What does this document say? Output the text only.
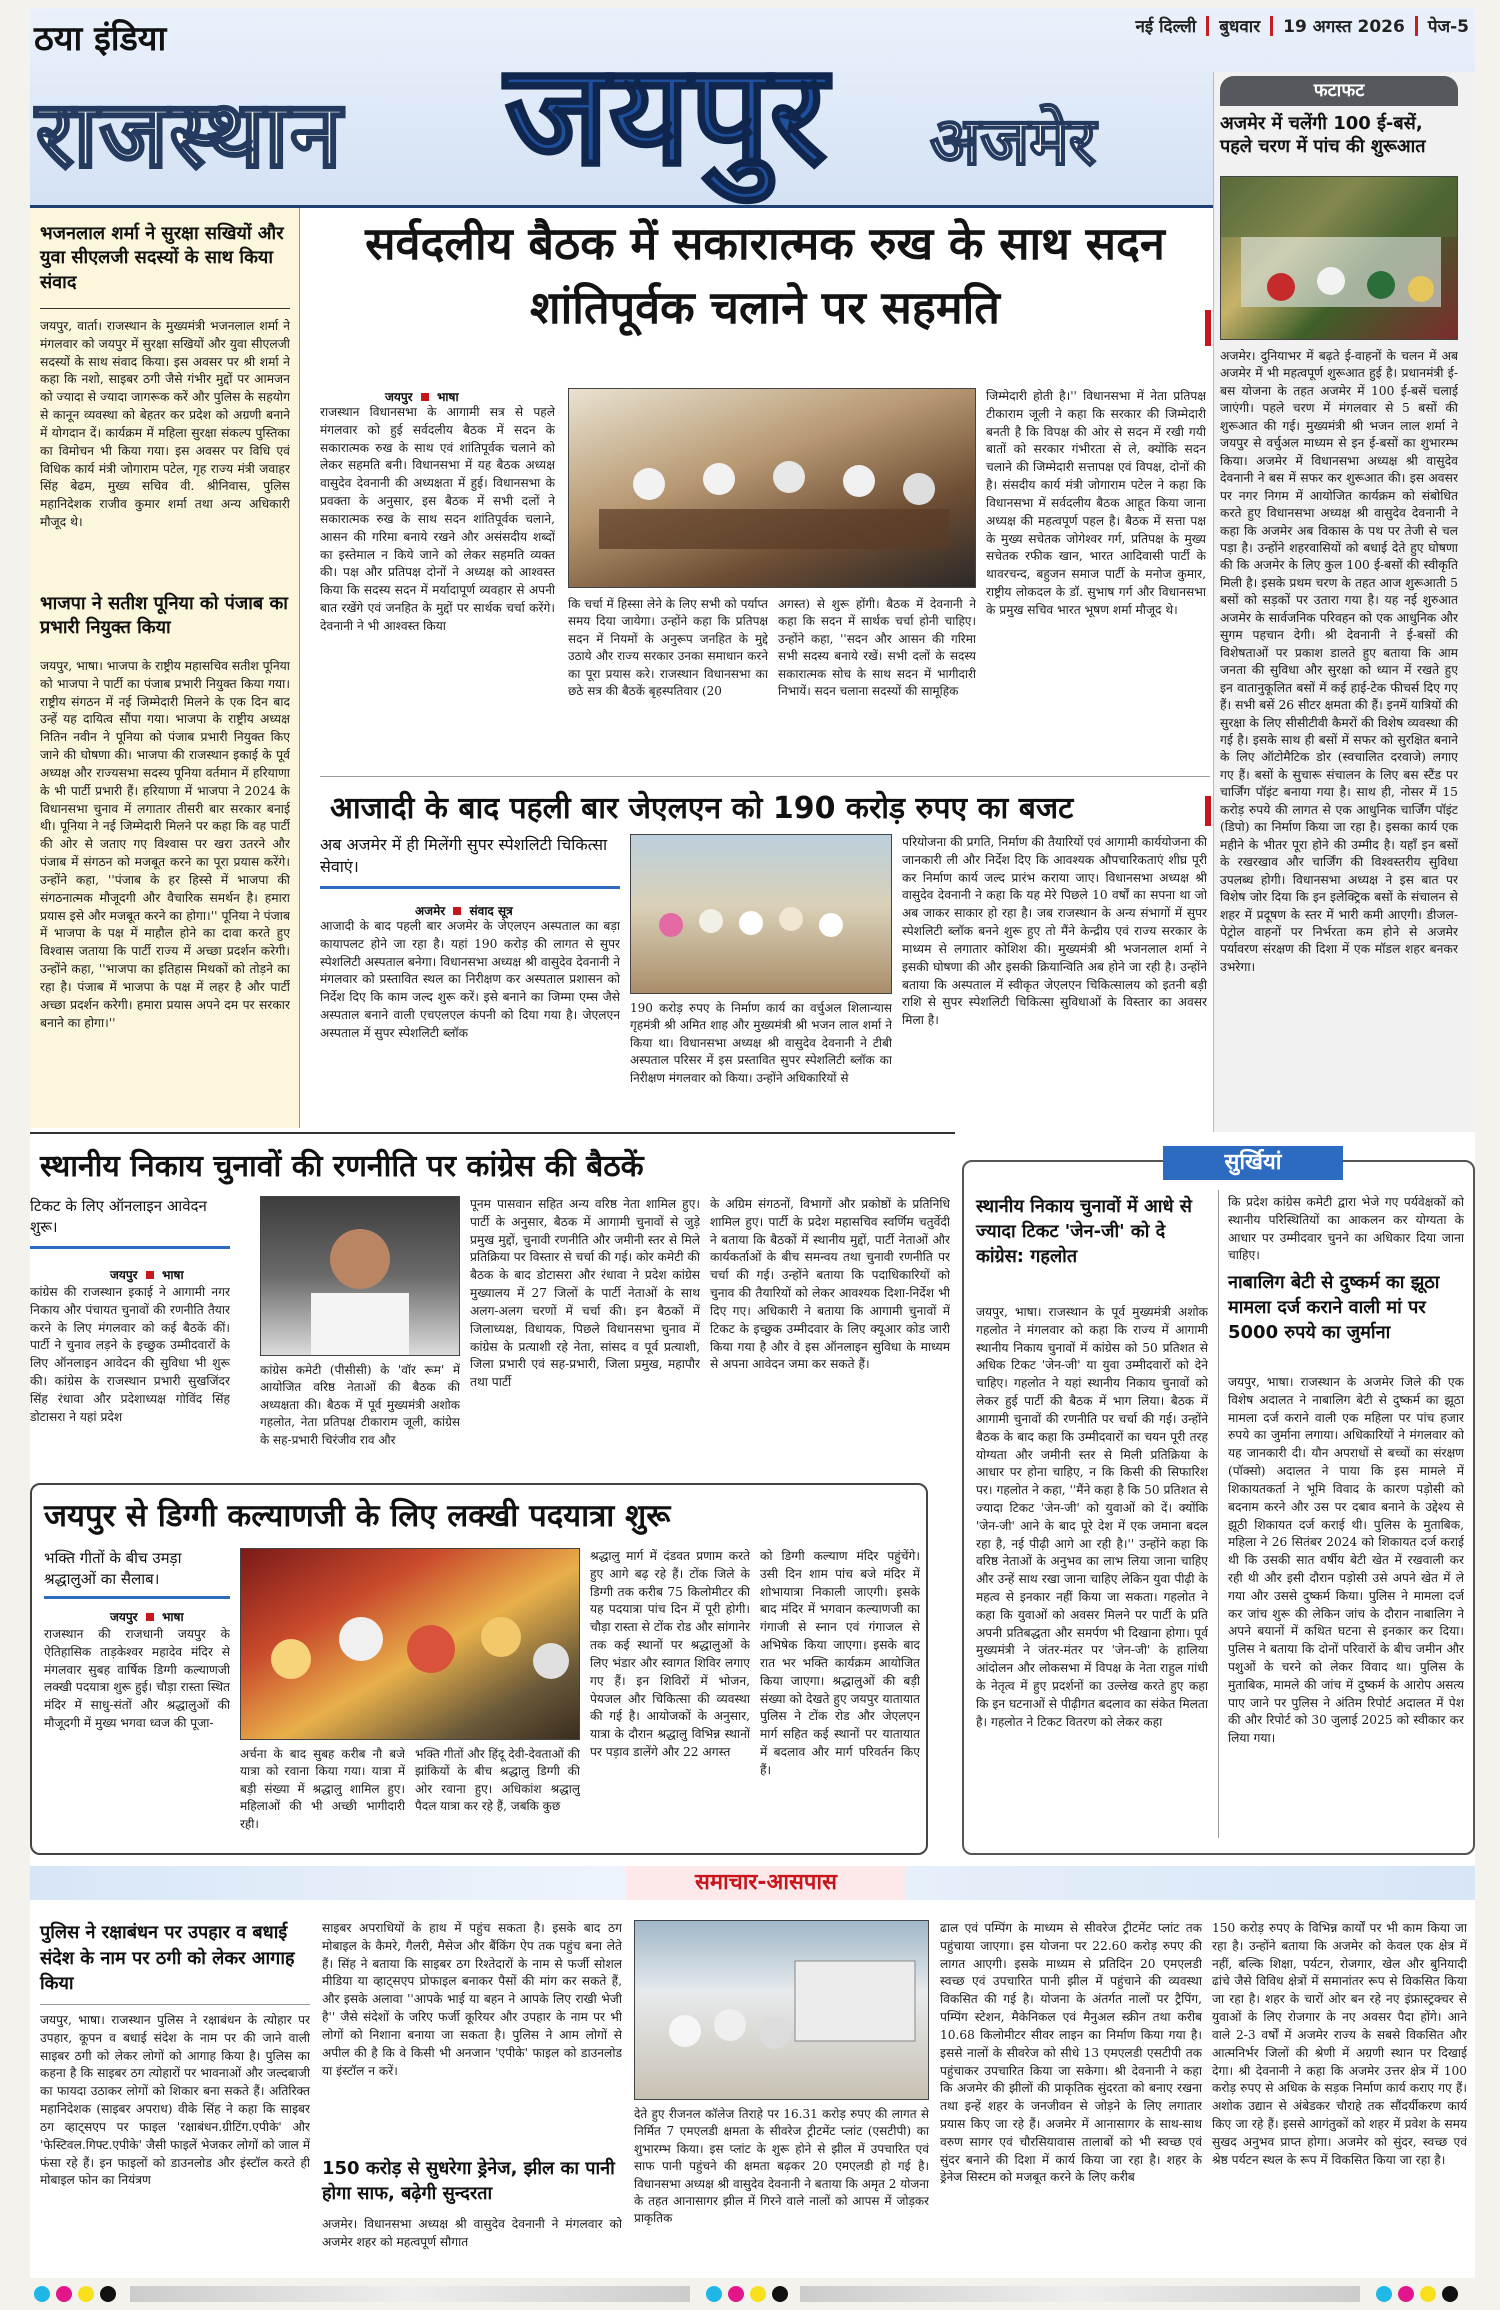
ठया इंडिया
राजस्थान जयपुर अजमेर
नई दिल्ली बुधवार 19 अगस्त 2026 पेज-5
फटाफट
अजमेर में चलेंगी 100 ई-बसें, पहले चरण में पांच की शुरूआत
अजमेर। दुनियाभर में बढ़ते ई-वाहनों के चलन में अब अजमेर में भी महत्वपूर्ण शुरूआत हुई है। प्रधानमंत्री ई-बस योजना के तहत अजमेर में 100 ई-बसें चलाई जाएंगी। पहले चरण में मंगलवार से 5 बसों की शुरूआत की गई। मुख्यमंत्री श्री भजन लाल शर्मा ने जयपुर से वर्चुअल माध्यम से इन ई-बसों का शुभारम्भ किया। अजमेर में विधानसभा अध्यक्ष श्री वासुदेव देवनानी ने बस में सफर कर शुरूआत की। इस अवसर पर नगर निगम में आयोजित कार्यक्रम को संबोधित करते हुए विधानसभा अध्यक्ष श्री वासुदेव देवनानी ने कहा कि अजमेर अब विकास के पथ पर तेजी से चल पड़ा है। उन्होंने शहरवासियों को बधाई देते हुए घोषणा की कि अजमेर के लिए कुल 100 ई-बसों की स्वीकृति मिली है। इसके प्रथम चरण के तहत आज शुरूआती 5 बसों को सड़कों पर उतारा गया है। यह नई शुरुआत अजमेर के सार्वजनिक परिवहन को एक आधुनिक और सुगम पहचान देगी। श्री देवनानी ने ई-बसों की विशेषताओं पर प्रकाश डालते हुए बताया कि आम जनता की सुविधा और सुरक्षा को ध्यान में रखते हुए इन वातानुकूलित बसों में कई हाई-टेक फीचर्स दिए गए हैं। सभी बसें 26 सीटर क्षमता की हैं। इनमें यात्रियों की सुरक्षा के लिए सीसीटीवी कैमरों की विशेष व्यवस्था की गई है। इसके साथ ही बसों में सफर को सुरक्षित बनाने के लिए ऑटोमैटिक डोर (स्वचालित दरवाजे) लगाए गए हैं। बसों के सुचारू संचालन के लिए बस स्टैंड पर चार्जिंग पॉइंट बनाया गया है। साथ ही, नोसर में 15 करोड़ रुपये की लागत से एक आधुनिक चार्जिंग पॉइंट (डिपो) का निर्माण किया जा रहा है। इसका कार्य एक महीने के भीतर पूरा होने की उम्मीद है। यहाँ इन बसों के रखरखाव और चार्जिंग की विश्वस्तरीय सुविधा उपलब्ध होगी। विधानसभा अध्यक्ष ने इस बात पर विशेष जोर दिया कि इन इलेक्ट्रिक बसों के संचालन से शहर में प्रदूषण के स्तर में भारी कमी आएगी। डीजल-पेट्रोल वाहनों पर निर्भरता कम होने से अजमेर पर्यावरण संरक्षण की दिशा में एक मॉडल शहर बनकर उभरेगा।
भजनलाल शर्मा ने सुरक्षा सखियों और युवा सीएलजी सदस्यों के साथ किया संवाद
जयपुर, वार्ता। राजस्थान के मुख्यमंत्री भजनलाल शर्मा ने मंगलवार को जयपुर में सुरक्षा सखियों और युवा सीएलजी सदस्यों के साथ संवाद किया। इस अवसर पर श्री शर्मा ने कहा कि नशो, साइबर ठगी जैसे गंभीर मुद्दों पर आमजन को ज्यादा से ज्यादा जागरूक करें और पुलिस के सहयोग से कानून व्यवस्था को बेहतर कर प्रदेश को अग्रणी बनाने में योगदान दें। कार्यक्रम में महिला सुरक्षा संकल्प पुस्तिका का विमोचन भी किया गया। इस अवसर पर विधि एवं विधिक कार्य मंत्री जोगाराम पटेल, गृह राज्य मंत्री जवाहर सिंह बेढम, मुख्य सचिव वी. श्रीनिवास, पुलिस महानिदेशक राजीव कुमार शर्मा तथा अन्य अधिकारी मौजूद थे।
भाजपा ने सतीश पूनिया को पंजाब का प्रभारी नियुक्त किया
जयपुर, भाषा। भाजपा के राष्ट्रीय महासचिव सतीश पूनिया को भाजपा ने पार्टी का पंजाब प्रभारी नियुक्त किया गया। राष्ट्रीय संगठन में नई जिम्मेदारी मिलने के एक दिन बाद उन्हें यह दायित्व सौंपा गया। भाजपा के राष्ट्रीय अध्यक्ष नितिन नवीन ने पूनिया को पंजाब प्रभारी नियुक्त किए जाने की घोषणा की। भाजपा की राजस्थान इकाई के पूर्व अध्यक्ष और राज्यसभा सदस्य पूनिया वर्तमान में हरियाणा के भी पार्टी प्रभारी हैं। हरियाणा में भाजपा ने 2024 के विधानसभा चुनाव में लगातार तीसरी बार सरकार बनाई थी। पूनिया ने नई जिम्मेदारी मिलने पर कहा कि वह पार्टी की ओर से जताए गए विश्वास पर खरा उतरने और पंजाब में संगठन को मजबूत करने का पूरा प्रयास करेंगे। उन्होंने कहा, ''पंजाब के हर हिस्से में भाजपा की संगठनात्मक मौजूदगी और वैचारिक समर्थन है। हमारा प्रयास इसे और मजबूत करने का होगा।'' पूनिया ने पंजाब में भाजपा के पक्ष में माहौल होने का दावा करते हुए विश्वास जताया कि पार्टी राज्य में अच्छा प्रदर्शन करेगी। उन्होंने कहा, ''भाजपा का इतिहास मिथकों को तोड़ने का रहा है। पंजाब में भाजपा के पक्ष में लहर है और पार्टी अच्छा प्रदर्शन करेगी। हमारा प्रयास अपने दम पर सरकार बनाने का होगा।''
सर्वदलीय बैठक में सकारात्मक रुख के साथ सदन शांतिपूर्वक चलाने पर सहमति
जयपुर भाषा
राजस्थान विधानसभा के आगामी सत्र से पहले मंगलवार को हुई सर्वदलीय बैठक में सदन के सकारात्मक रुख के साथ एवं शांतिपूर्वक चलाने को लेकर सहमति बनी। विधानसभा में यह बैठक अध्यक्ष वासुदेव देवनानी की अध्यक्षता में हुई। विधानसभा के प्रवक्ता के अनुसार, इस बैठक में सभी दलों ने सकारात्मक रुख के साथ सदन शांतिपूर्वक चलाने, आसन की गरिमा बनाये रखने और असंसदीय शब्दों का इस्तेमाल न किये जाने को लेकर सहमति व्यक्त की। पक्ष और प्रतिपक्ष दोनों ने अध्यक्ष को आश्वस्त किया कि सदस्य सदन में मर्यादापूर्ण व्यवहार से अपनी बात रखेंगे एवं जनहित के मुद्दों पर सार्थक चर्चा करेंगे। देवनानी ने भी आश्वस्त किया
कि चर्चा में हिस्सा लेने के लिए सभी को पर्याप्त समय दिया जायेगा। उन्होंने कहा कि प्रतिपक्ष सदन में नियमों के अनुरूप जनहित के मुद्दे उठाये और राज्य सरकार उनका समाधान करने का पूरा प्रयास करे। राजस्थान विधानसभा का छठे सत्र की बैठकें बृहस्पतिवार (20
अगस्त) से शुरू होंगी। बैठक में देवनानी ने कहा कि सदन में सार्थक चर्चा होनी चाहिए। उन्होंने कहा, ''सदन और आसन की गरिमा सभी सदस्य बनाये रखें। सभी दलों के सदस्य सकारात्मक सोच के साथ सदन में भागीदारी निभायें। सदन चलाना सदस्यों की सामूहिक
जिम्मेदारी होती है।'' विधानसभा में नेता प्रतिपक्ष टीकाराम जूली ने कहा कि सरकार की जिम्मेदारी बनती है कि विपक्ष की ओर से सदन में रखी गयी बातों को सरकार गंभीरता से ले, क्योंकि सदन चलाने की जिम्मेदारी सत्तापक्ष एवं विपक्ष, दोनों की है। संसदीय कार्य मंत्री जोगाराम पटेल ने कहा कि विधानसभा में सर्वदलीय बैठक आहूत किया जाना अध्यक्ष की महत्वपूर्ण पहल है। बैठक में सत्ता पक्ष के मुख्य सचेतक जोगेश्वर गर्ग, प्रतिपक्ष के मुख्य सचेतक रफीक खान, भारत आदिवासी पार्टी के थावरचन्द, बहुजन समाज पार्टी के मनोज कुमार, राष्ट्रीय लोकदल के डॉ. सुभाष गर्ग और विधानसभा के प्रमुख सचिव भारत भूषण शर्मा मौजूद थे।
आजादी के बाद पहली बार जेएलएन को 190 करोड़ रुपए का बजट
अब अजमेर में ही मिलेंगी सुपर स्पेशलिटी चिकित्सा सेवाएं।
अजमेर संवाद सूत्र
आजादी के बाद पहली बार अजमेर के जेएलएन अस्पताल का बड़ा कायापलट होने जा रहा है। यहां 190 करोड़ की लागत से सुपर स्पेशलिटी अस्पताल बनेगा। विधानसभा अध्यक्ष श्री वासुदेव देवनानी ने मंगलवार को प्रस्तावित स्थल का निरीक्षण कर अस्पताल प्रशासन को निर्देश दिए कि काम जल्द शुरू करें। इसे बनाने का जिम्मा एम्स जैसे अस्पताल बनाने वाली एचएलएल कंपनी को दिया गया है। जेएलएन अस्पताल में सुपर स्पेशलिटी ब्लॉक
190 करोड़ रुपए के निर्माण कार्य का वर्चुअल शिलान्यास गृहमंत्री श्री अमित शाह और मुख्यमंत्री श्री भजन लाल शर्मा ने किया था। विधानसभा अध्यक्ष श्री वासुदेव देवनानी ने टीबी अस्पताल परिसर में इस प्रस्तावित सुपर स्पेशलिटी ब्लॉक का निरीक्षण मंगलवार को किया। उन्होंने अधिकारियों से
परियोजना की प्रगति, निर्माण की तैयारियों एवं आगामी कार्ययोजना की जानकारी ली और निर्देश दिए कि आवश्यक औपचारिकताएं शीघ्र पूरी कर निर्माण कार्य जल्द प्रारंभ कराया जाए। विधानसभा अध्यक्ष श्री वासुदेव देवनानी ने कहा कि यह मेरे पिछले 10 वर्षों का सपना था जो अब जाकर साकार हो रहा है। जब राजस्थान के अन्य संभागों में सुपर स्पेशलिटी ब्लॉक बनने शुरू हुए तो मैंने केन्द्रीय एवं राज्य सरकार के माध्यम से लगातार कोशिश की। मुख्यमंत्री श्री भजनलाल शर्मा ने इसकी घोषणा की और इसकी क्रियान्विति अब होने जा रही है। उन्होंने बताया कि अस्पताल में स्वीकृत जेएलएन चिकित्सालय को इतनी बड़ी राशि से सुपर स्पेशलिटी चिकित्सा सुविधाओं के विस्तार का अवसर मिला है।
स्थानीय निकाय चुनावों की रणनीति पर कांग्रेस की बैठकें
टिकट के लिए ऑनलाइन आवेदन शुरू।
जयपुर भाषा
कांग्रेस की राजस्थान इकाई ने आगामी नगर निकाय और पंचायत चुनावों की रणनीति तैयार करने के लिए मंगलवार को कई बैठकें कीं। पार्टी ने चुनाव लड़ने के इच्छुक उम्मीदवारों के लिए ऑनलाइन आवेदन की सुविधा भी शुरू की। कांग्रेस के राजस्थान प्रभारी सुखजिंदर सिंह रंधावा और प्रदेशाध्यक्ष गोविंद सिंह डोटासरा ने यहां प्रदेश
कांग्रेस कमेटी (पीसीसी) के 'वॉर रूम' में आयोजित वरिष्ठ नेताओं की बैठक की अध्यक्षता की। बैठक में पूर्व मुख्यमंत्री अशोक गहलोत, नेता प्रतिपक्ष टीकाराम जूली, कांग्रेस के सह-प्रभारी चिरंजीव राव और
पूनम पासवान सहित अन्य वरिष्ठ नेता शामिल हुए। पार्टी के अनुसार, बैठक में आगामी चुनावों से जुड़े प्रमुख मुद्दों, चुनावी रणनीति और जमीनी स्तर से मिले प्रतिक्रिया पर विस्तार से चर्चा की गई। कोर कमेटी की बैठक के बाद डोटासरा और रंधावा ने प्रदेश कांग्रेस मुख्यालय में 27 जिलों के पार्टी नेताओं के साथ अलग-अलग चरणों में चर्चा की। इन बैठकों में जिलाध्यक्ष, विधायक, पिछले विधानसभा चुनाव में कांग्रेस के प्रत्याशी रहे नेता, सांसद व पूर्व प्रत्याशी, जिला प्रभारी एवं सह-प्रभारी, जिला प्रमुख, महापौर तथा पार्टी
के अग्रिम संगठनों, विभागों और प्रकोष्ठों के प्रतिनिधि शामिल हुए। पार्टी के प्रदेश महासचिव स्वर्णिम चतुर्वेदी ने बताया कि बैठकों में स्थानीय मुद्दों, पार्टी नेताओं और कार्यकर्ताओं के बीच समन्वय तथा चुनावी रणनीति पर चर्चा की गई। उन्होंने बताया कि पदाधिकारियों को चुनाव की तैयारियों को लेकर आवश्यक दिशा-निर्देश भी दिए गए। अधिकारी ने बताया कि आगामी चुनावों में टिकट के इच्छुक उम्मीदवार के लिए क्यूआर कोड जारी किया गया है और वे इस ऑनलाइन सुविधा के माध्यम से अपना आवेदन जमा कर सकते हैं।
सुर्खियां
स्थानीय निकाय चुनावों में आधे से ज्यादा टिकट 'जेन-जी' को दे कांग्रेस: गहलोत
जयपुर, भाषा। राजस्थान के पूर्व मुख्यमंत्री अशोक गहलोत ने मंगलवार को कहा कि राज्य में आगामी स्थानीय निकाय चुनावों में कांग्रेस को 50 प्रतिशत से अधिक टिकट 'जेन-जी' या युवा उम्मीदवारों को देने चाहिए। गहलोत ने यहां स्थानीय निकाय चुनावों को लेकर हुई पार्टी की बैठक में भाग लिया। बैठक में आगामी चुनावों की रणनीति पर चर्चा की गई। उन्होंने बैठक के बाद कहा कि उम्मीदवारों का चयन पूरी तरह योग्यता और जमीनी स्तर से मिली प्रतिक्रिया के आधार पर होना चाहिए, न कि किसी की सिफारिश पर। गहलोत ने कहा, ''मैंने कहा है कि 50 प्रतिशत से ज्यादा टिकट 'जेन-जी' को युवाओं को दें। क्योंकि 'जेन-जी' आने के बाद पूरे देश में एक जमाना बदल रहा है, नई पीढ़ी आगे आ रही है।'' उन्होंने कहा कि वरिष्ठ नेताओं के अनुभव का लाभ लिया जाना चाहिए और उन्हें साथ रखा जाना चाहिए लेकिन युवा पीढ़ी के महत्व से इनकार नहीं किया जा सकता। गहलोत ने कहा कि युवाओं को अवसर मिलने पर पार्टी के प्रति अपनी प्रतिबद्धता और समर्पण भी दिखाना होगा। पूर्व मुख्यमंत्री ने जंतर-मंतर पर 'जेन-जी' के हालिया आंदोलन और लोकसभा में विपक्ष के नेता राहुल गांधी के नेतृत्व में हुए प्रदर्शनों का उल्लेख करते हुए कहा कि इन घटनाओं से पीढ़ीगत बदलाव का संकेत मिलता है। गहलोत ने टिकट वितरण को लेकर कहा
कि प्रदेश कांग्रेस कमेटी द्वारा भेजे गए पर्यवेक्षकों को स्थानीय परिस्थितियों का आकलन कर योग्यता के आधार पर उम्मीदवार चुनने का अधिकार दिया जाना चाहिए।
नाबालिग बेटी से दुष्कर्म का झूठा मामला दर्ज कराने वाली मां पर 5000 रुपये का जुर्माना
जयपुर, भाषा। राजस्थान के अजमेर जिले की एक विशेष अदालत ने नाबालिग बेटी से दुष्कर्म का झूठा मामला दर्ज कराने वाली एक महिला पर पांच हजार रुपये का जुर्माना लगाया। अधिकारियों ने मंगलवार को यह जानकारी दी। यौन अपराधों से बच्चों का संरक्षण (पॉक्सो) अदालत ने पाया कि इस मामले में शिकायतकर्ता ने भूमि विवाद के कारण पड़ोसी को बदनाम करने और उस पर दबाव बनाने के उद्देश्य से झूठी शिकायत दर्ज कराई थी। पुलिस के मुताबिक, महिला ने 26 सितंबर 2024 को शिकायत दर्ज कराई थी कि उसकी सात वर्षीय बेटी खेत में रखवाली कर रही थी और इसी दौरान पड़ोसी उसे अपने खेत में ले गया और उससे दुष्कर्म किया। पुलिस ने मामला दर्ज कर जांच शुरू की लेकिन जांच के दौरान नाबालिग ने अपने बयानों में कथित घटना से इनकार कर दिया। पुलिस ने बताया कि दोनों परिवारों के बीच जमीन और पशुओं के चरने को लेकर विवाद था। पुलिस के मुताबिक, मामले की जांच में दुष्कर्म के आरोप असत्य पाए जाने पर पुलिस ने अंतिम रिपोर्ट अदालत में पेश की और रिपोर्ट को 30 जुलाई 2025 को स्वीकार कर लिया गया।
जयपुर से डिग्गी कल्याणजी के लिए लक्खी पदयात्रा शुरू
भक्ति गीतों के बीच उमड़ा श्रद्धालुओं का सैलाब।
जयपुर भाषा
राजस्थान की राजधानी जयपुर के ऐतिहासिक ताड़केश्वर महादेव मंदिर से मंगलवार सुबह वार्षिक डिग्गी कल्याणजी लक्खी पदयात्रा शुरू हुई। चौड़ा रास्ता स्थित मंदिर में साधु-संतों और श्रद्धालुओं की मौजूदगी में मुख्य भगवा ध्वज की पूजा-
अर्चना के बाद सुबह करीब नौ बजे यात्रा को रवाना किया गया। यात्रा में बड़ी संख्या में श्रद्धालु शामिल हुए। महिलाओं की भी अच्छी भागीदारी रही।
भक्ति गीतों और हिंदू देवी-देवताओं की झांकियों के बीच श्रद्धालु डिग्गी की ओर रवाना हुए। अधिकांश श्रद्धालु पैदल यात्रा कर रहे हैं, जबकि कुछ
श्रद्धालु मार्ग में दंडवत प्रणाम करते हुए आगे बढ़ रहे हैं। टोंक जिले के डिग्गी तक करीब 75 किलोमीटर की यह पदयात्रा पांच दिन में पूरी होगी। चौड़ा रास्ता से टोंक रोड और सांगानेर तक कई स्थानों पर श्रद्धालुओं के लिए भंडार और स्वागत शिविर लगाए गए हैं। इन शिविरों में भोजन, पेयजल और चिकित्सा की व्यवस्था की गई है। आयोजकों के अनुसार, यात्रा के दौरान श्रद्धालु विभिन्न स्थानों पर पड़ाव डालेंगे और 22 अगस्त
को डिग्गी कल्याण मंदिर पहुंचेंगे। उसी दिन शाम पांच बजे मंदिर में शोभायात्रा निकाली जाएगी। इसके बाद मंदिर में भगवान कल्याणजी का गंगाजी से स्नान एवं गंगाजल से अभिषेक किया जाएगा। इसके बाद रात भर भक्ति कार्यक्रम आयोजित किया जाएगा। श्रद्धालुओं की बड़ी संख्या को देखते हुए जयपुर यातायात पुलिस ने टोंक रोड और जेएलएन मार्ग सहित कई स्थानों पर यातायात में बदलाव और मार्ग परिवर्तन किए हैं।
समाचार-आसपास
पुलिस ने रक्षाबंधन पर उपहार व बधाई संदेश के नाम पर ठगी को लेकर आगाह किया
जयपुर, भाषा। राजस्थान पुलिस ने रक्षाबंधन के त्योहार पर उपहार, कूपन व बधाई संदेश के नाम पर की जाने वाली साइबर ठगी को लेकर लोगों को आगाह किया है। पुलिस का कहना है कि साइबर ठग त्योहारों पर भावनाओं और जल्दबाजी का फायदा उठाकर लोगों को शिकार बना सकते हैं। अतिरिक्त महानिदेशक (साइबर अपराध) वीके सिंह ने कहा कि साइबर ठग व्हाट्सएप पर फाइल 'रक्षाबंधन.ग्रीटिंग.एपीके' और 'फेस्टिवल.गिफ्ट.एपीके' जैसी फाइलें भेजकर लोगों को जाल में फंसा रहे हैं। इन फाइलों को डाउनलोड और इंस्टॉल करते ही मोबाइल फोन का नियंत्रण
साइबर अपराधियों के हाथ में पहुंच सकता है। इसके बाद ठग मोबाइल के कैमरे, गैलरी, मैसेज और बैंकिंग ऐप तक पहुंच बना लेते हैं। सिंह ने बताया कि साइबर ठग रिश्तेदारों के नाम से फर्जी सोशल मीडिया या व्हाट्सएप प्रोफाइल बनाकर पैसों की मांग कर सकते हैं, और इसके अलावा ''आपके भाई या बहन ने आपके लिए राखी भेजी है'' जैसे संदेशों के जरिए फर्जी कूरियर और उपहार के नाम पर भी लोगों को निशाना बनाया जा सकता है। पुलिस ने आम लोगों से अपील की है कि वे किसी भी अनजान 'एपीके' फाइल को डाउनलोड या इंस्टॉल न करें।
150 करोड़ से सुधरेगा ड्रेनेज, झील का पानी होगा साफ, बढ़ेगी सुन्दरता
अजमेर। विधानसभा अध्यक्ष श्री वासुदेव देवनानी ने मंगलवार को अजमेर शहर को महत्वपूर्ण सौगात
देते हुए रीजनल कॉलेज तिराहे पर 16.31 करोड़ रुपए की लागत से निर्मित 7 एमएलडी क्षमता के सीवरेज ट्रीटमेंट प्लांट (एसटीपी) का शुभारम्भ किया। इस प्लांट के शुरू होने से झील में उपचारित एवं साफ पानी पहुंचने की क्षमता बढ़कर 20 एमएलडी हो गई है। विधानसभा अध्यक्ष श्री वासुदेव देवनानी ने बताया कि अमृत 2 योजना के तहत आनासागर झील में गिरने वाले नालों को आपस में जोड़कर प्राकृतिक
ढाल एवं पम्पिंग के माध्यम से सीवरेज ट्रीटमेंट प्लांट तक पहुंचाया जाएगा। इस योजना पर 22.60 करोड़ रुपए की लागत आएगी। इसके माध्यम से प्रतिदिन 20 एमएलडी स्वच्छ एवं उपचारित पानी झील में पहुंचाने की व्यवस्था विकसित की गई है। योजना के अंतर्गत नालों पर ट्रैपिंग, पम्पिंग स्टेशन, मैकेनिकल एवं मैनुअल स्क्रीन तथा करीब 10.68 किलोमीटर सीवर लाइन का निर्माण किया गया है। इससे नालों के सीवरेज को सीधे 13 एमएलडी एसटीपी तक पहुंचाकर उपचारित किया जा सकेगा। श्री देवनानी ने कहा कि अजमेर की झीलों की प्राकृतिक सुंदरता को बनाए रखना तथा इन्हें शहर के जनजीवन से जोड़ने के लिए लगातार प्रयास किए जा रहे हैं। अजमेर में आनासागर के साथ-साथ वरुण सागर एवं चौरसियावास तालाबों को भी स्वच्छ एवं सुंदर बनाने की दिशा में कार्य किया जा रहा है। शहर के ड्रेनेज सिस्टम को मजबूत करने के लिए करीब
150 करोड़ रुपए के विभिन्न कार्यों पर भी काम किया जा रहा है। उन्होंने बताया कि अजमेर को केवल एक क्षेत्र में नहीं, बल्कि शिक्षा, पर्यटन, रोजगार, खेल और बुनियादी ढांचे जैसे विविध क्षेत्रों में समानांतर रूप से विकसित किया जा रहा है। शहर के चारों ओर बन रहे नए इंफ्रास्ट्रक्चर से युवाओं के लिए रोजगार के नए अवसर पैदा होंगे। आने वाले 2-3 वर्षों में अजमेर राज्य के सबसे विकसित और आत्मनिर्भर जिलों की श्रेणी में अग्रणी स्थान पर दिखाई देगा। श्री देवनानी ने कहा कि अजमेर उत्तर क्षेत्र में 100 करोड़ रुपए से अधिक के सड़क निर्माण कार्य कराए गए हैं। अशोक उद्यान से अंबेडकर चौराहे तक सौंदर्यीकरण कार्य किए जा रहे हैं। इससे आगंतुकों को शहर में प्रवेश के समय सुखद अनुभव प्राप्त होगा। अजमेर को सुंदर, स्वच्छ एवं श्रेष्ठ पर्यटन स्थल के रूप में विकसित किया जा रहा है।
